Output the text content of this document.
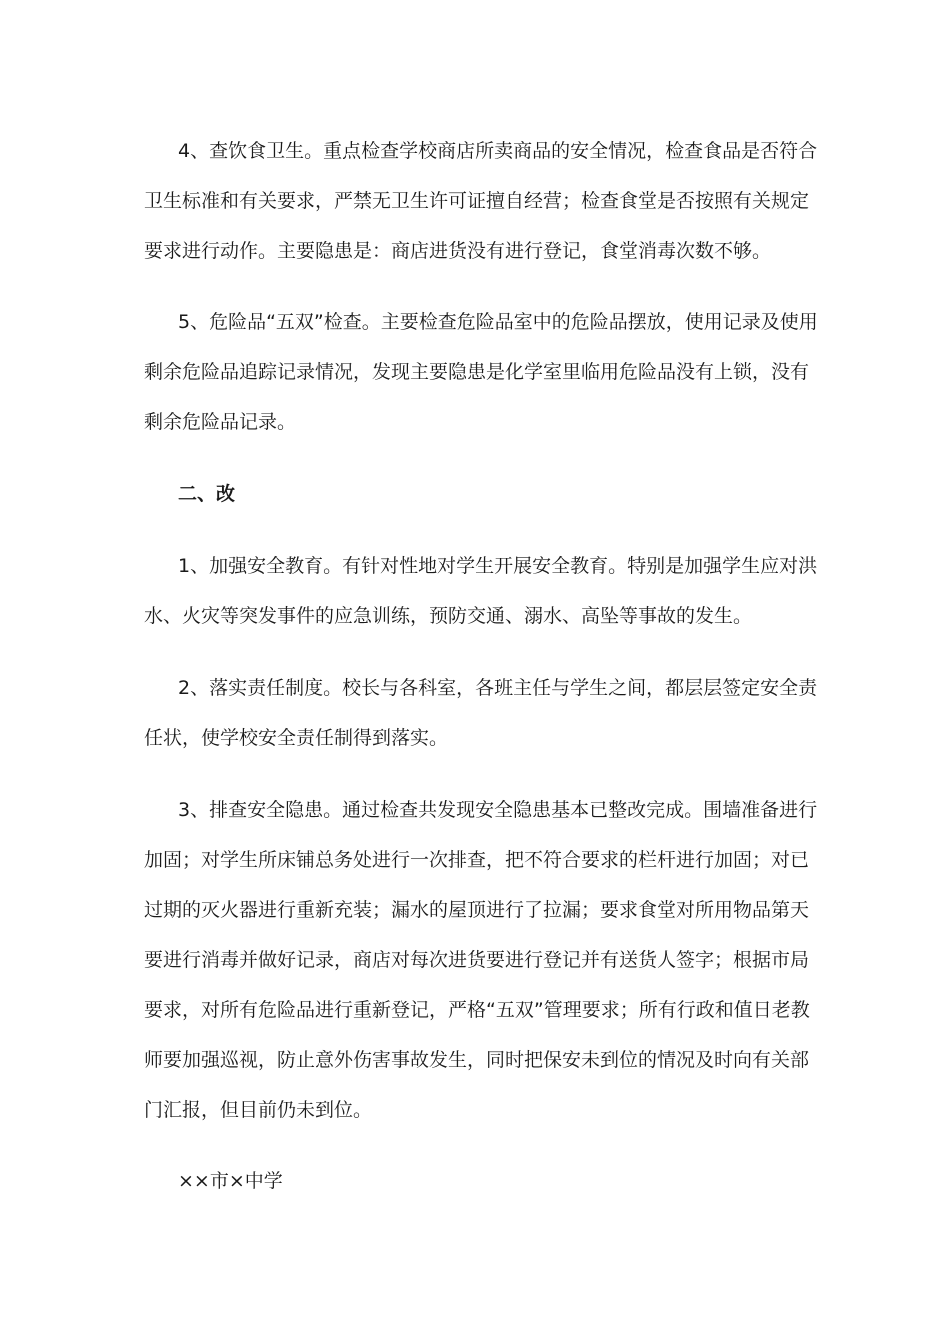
4、查饮食卫生。重点检查学校商店所卖商品的安全情况，检查食品是否符合卫生标准和有关要求，严禁无卫生许可证擅自经营；检查食堂是否按照有关规定要求进行动作。主要隐患是：商店进货没有进行登记，食堂消毒次数不够。

5、危险品“五双”检查。主要检查危险品室中的危险品摆放，使用记录及使用剩余危险品追踪记录情况，发现主要隐患是化学室里临用危险品没有上锁，没有剩余危险品记录。

二、改

1、加强安全教育。有针对性地对学生开展安全教育。特别是加强学生应对洪水、火灾等突发事件的应急训练，预防交通、溺水、高坠等事故的发生。

2、落实责任制度。校长与各科室，各班主任与学生之间，都层层签定安全责任状，使学校安全责任制得到落实。

3、排查安全隐患。通过检查共发现安全隐患基本已整改完成。围墙准备进行加固；对学生所床铺总务处进行一次排查，把不符合要求的栏杆进行加固；对已过期的灭火器进行重新充装；漏水的屋顶进行了拉漏；要求食堂对所用物品第天要进行消毒并做好记录，商店对每次进货要进行登记并有送货人签字；根据市局要求，对所有危险品进行重新登记，严格“五双”管理要求；所有行政和值日老教师要加强巡视，防止意外伤害事故发生，同时把保安未到位的情况及时向有关部门汇报，但目前仍未到位。

××市×中学
